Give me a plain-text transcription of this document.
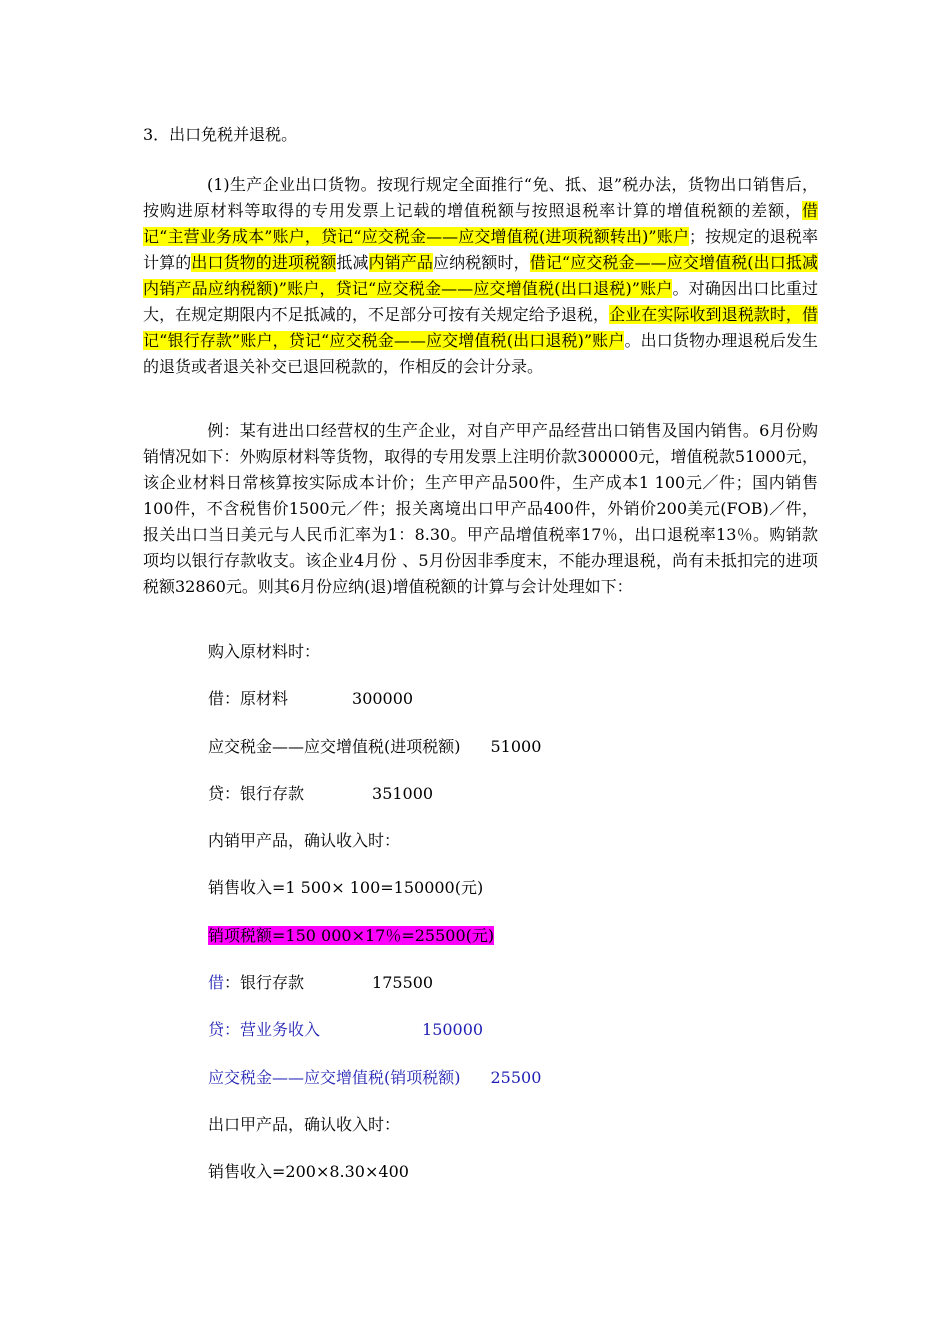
3．出口免税并退税。
(1)生产企业出口货物。按现行规定全面推行“免、抵、退”税办法，货物出口销售后，按购进原材料等取得的专用发票上记载的增值税额与按照退税率计算的增值税额的差额，借记“主营业务成本”账户，贷记“应交税金——应交增值税(进项税额转出)”账户；按规定的退税率计算的出口货物的进项税额抵减内销产品应纳税额时，借记“应交税金——应交增值税(出口抵减内销产品应纳税额)”账户，贷记“应交税金——应交增值税(出口退税)”账户。对确因出口比重过大，在规定期限内不足抵减的，不足部分可按有关规定给予退税，企业在实际收到退税款时，借记“银行存款”账户，贷记“应交税金——应交增值税(出口退税)”账户。出口货物办理退税后发生的退货或者退关补交已退回税款的，作相反的会计分录。
例：某有进出口经营权的生产企业，对自产甲产品经营出口销售及国内销售。6月份购销情况如下：外购原材料等货物，取得的专用发票上注明价款300000元，增值税款51000元，该企业材料日常核算按实际成本计价；生产甲产品500件，生产成本1 100元／件；国内销售100件，不含税售价1500元／件；报关离境出口甲产品400件，外销价200美元(FOB)／件，报关出口当日美元与人民币汇率为1：8.30。甲产品增值税率17％，出口退税率13％。购销款项均以银行存款收支。该企业4月份 、5月份因非季度末，不能办理退税，尚有未抵扣完的进项税额32860元。则其6月份应纳(退)增值税额的计算与会计处理如下：
购入原材料时：
借：原材料	300000
应交税金——应交增值税(进项税额) 51000
贷：银行存款	351000
内销甲产品，确认收入时：
销售收入=1 500× 100=150000(元)
销项税额=150 000×17％=25500(元)
借：银行存款	175500
贷：营业务收入	150000
应交税金——应交增值税(销项税额) 25500
出口甲产品，确认收入时：
销售收入=200×8.30×400
